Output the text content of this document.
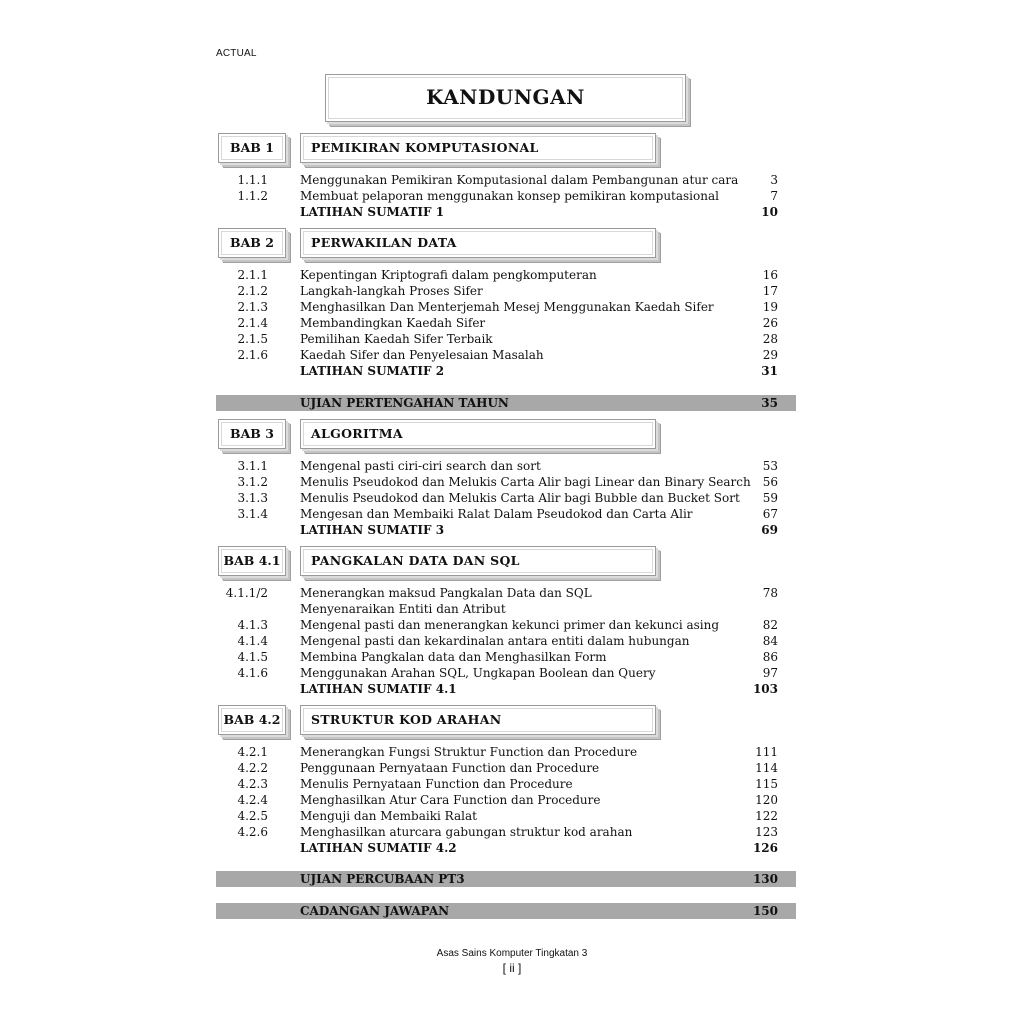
ACTUAL
KANDUNGAN
BAB 1	PEMIKIRAN KOMPUTASIONAL
1.1.1	Menggunakan Pemikiran Komputasional dalam Pembangunan atur cara	3
1.1.2	Membuat pelaporan menggunakan konsep pemikiran komputasional	7
LATIHAN SUMATIF 1	10
BAB 2	PERWAKILAN DATA
2.1.1	Kepentingan Kriptografi dalam pengkomputeran	16
2.1.2	Langkah-langkah Proses Sifer	17
2.1.3	Menghasilkan Dan Menterjemah Mesej Menggunakan Kaedah Sifer	19
2.1.4	Membandingkan Kaedah Sifer	26
2.1.5	Pemilihan Kaedah Sifer Terbaik	28
2.1.6	Kaedah Sifer dan Penyelesaian Masalah	29
LATIHAN SUMATIF 2	31
UJIAN PERTENGAHAN TAHUN	35
BAB 3	ALGORITMA
3.1.1	Mengenal pasti ciri-ciri search dan sort	53
3.1.2	Menulis Pseudokod dan Melukis Carta Alir bagi Linear dan Binary Search 56
3.1.3	Menulis Pseudokod dan Melukis Carta Alir bagi Bubble dan Bucket Sort 59
3.1.4	Mengesan dan Membaiki Ralat Dalam Pseudokod dan Carta Alir	67
LATIHAN SUMATIF 3	69
BAB 4.1	PANGKALAN DATA DAN SQL
4.1.1/2	Menerangkan maksud Pangkalan Data dan SQL	78
Menyenaraikan Entiti dan Atribut
4.1.3	Mengenal pasti dan menerangkan kekunci primer dan kekunci asing	82
4.1.4	Mengenal pasti dan kekardinalan antara entiti dalam hubungan	84
4.1.5	Membina Pangkalan data dan Menghasilkan Form	86
4.1.6	Menggunakan Arahan SQL, Ungkapan Boolean dan Query	97
LATIHAN SUMATIF 4.1	103
BAB 4.2	STRUKTUR KOD ARAHAN
4.2.1	Menerangkan Fungsi Struktur Function dan Procedure	111
4.2.2	Penggunaan Pernyataan Function dan Procedure	114
4.2.3	Menulis Pernyataan Function dan Procedure	115
4.2.4	Menghasilkan Atur Cara Function dan Procedure	120
4.2.5	Menguji dan Membaiki Ralat	122
4.2.6	Menghasilkan aturcara gabungan struktur kod arahan	123
LATIHAN SUMATIF 4.2	126
UJIAN PERCUBAAN PT3	130
CADANGAN JAWAPAN	150
Asas Sains Komputer Tingkatan 3
[ ii ]
